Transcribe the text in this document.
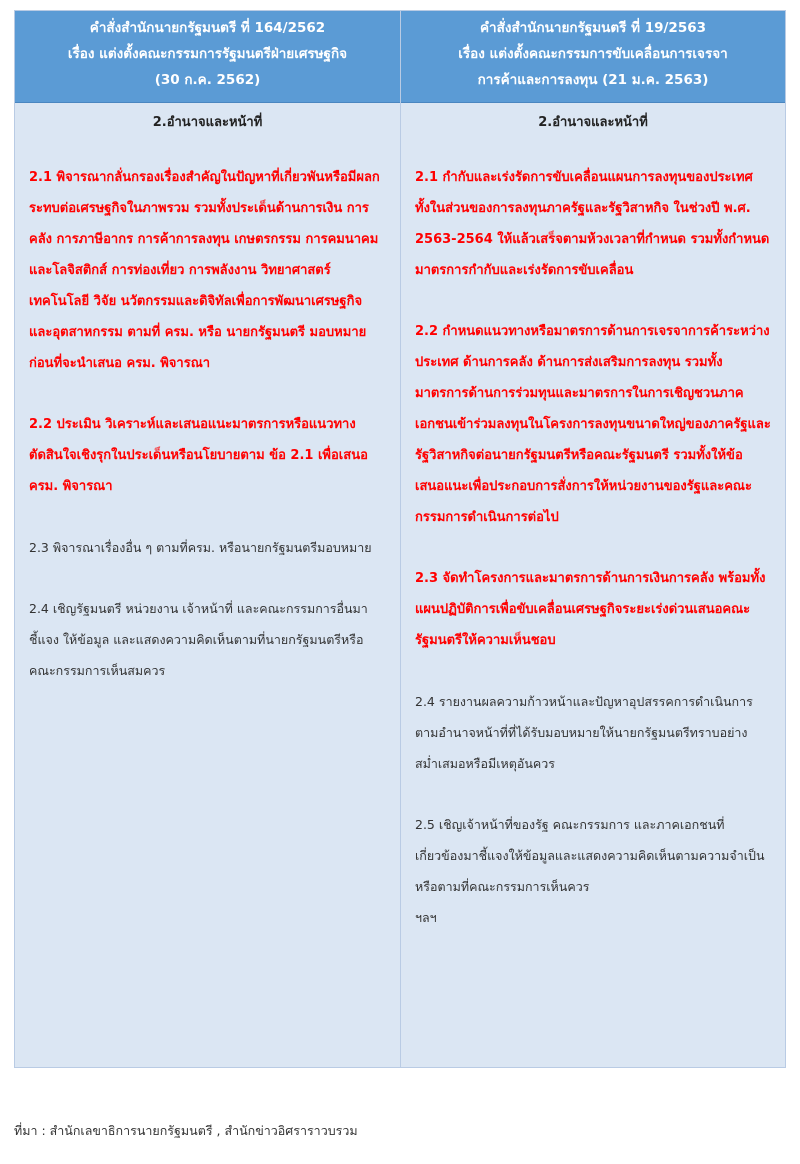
คำสั่งสำนักนายกรัฐมนตรี ที่ 164/2562
เรื่อง แต่งตั้งคณะกรรมการรัฐมนตรีฝ่ายเศรษฐกิจ
(30 ก.ค. 2562)
2.อำนาจและหน้าที่

2.1 พิจารณากลั่นกรองเรื่องสำคัญในปัญหาที่เกี่ยวพันหรือมีผลกระทบต่อเศรษฐกิจในภาพรวม รวมทั้งประเด็นด้านการเงิน การคลัง การภาษีอากร การค้าการลงทุน เกษตรกรรม การคมนาคมและโลจิสติกส์ การท่องเที่ยว การพลังงาน วิทยาศาสตร์ เทคโนโลยี วิจัย นวัตกรรมและดิจิทัลเพื่อการพัฒนาเศรษฐกิจ และอุตสาหกรรม ตามที่ ครม. หรือ นายกรัฐมนตรี มอบหมาย ก่อนที่จะนำเสนอ ครม. พิจารณา

2.2 ประเมิน วิเคราะห์และเสนอแนะมาตรการหรือแนวทางตัดสินใจเชิงรุกในประเด็นหรือนโยบายตาม ข้อ 2.1 เพื่อเสนอ ครม. พิจารณา

2.3 พิจารณาเรื่องอื่น ๆ ตามที่ครม. หรือนายกรัฐมนตรีมอบหมาย

2.4 เชิญรัฐมนตรี หน่วยงาน เจ้าหน้าที่ และคณะกรรมการอื่นมาชี้แจง ให้ข้อมูล และแสดงความคิดเห็นตามที่นายกรัฐมนตรีหรือคณะกรรมการเห็นสมควร

คำสั่งสำนักนายกรัฐมนตรี ที่ 19/2563
เรื่อง แต่งตั้งคณะกรรมการขับเคลื่อนการเจรจา
การค้าและการลงทุน (21 ม.ค. 2563)
2.อำนาจและหน้าที่

2.1 กำกับและเร่งรัดการขับเคลื่อนแผนการลงทุนของประเทศ ทั้งในส่วนของการลงทุนภาครัฐและรัฐวิสาหกิจ ในช่วงปี พ.ศ. 2563-2564 ให้แล้วเสร็จตามห้วงเวลาที่กำหนด รวมทั้งกำหนดมาตรการกำกับและเร่งรัดการขับเคลื่อน

2.2 กำหนดแนวทางหรือมาตรการด้านการเจรจาการค้าระหว่างประเทศ ด้านการคลัง ด้านการส่งเสริมการลงทุน รวมทั้งมาตรการด้านการร่วมทุนและมาตรการในการเชิญชวนภาคเอกชนเข้าร่วมลงทุนในโครงการลงทุนขนาดใหญ่ของภาครัฐและรัฐวิสาหกิจต่อนายกรัฐมนตรีหรือคณะรัฐมนตรี รวมทั้งให้ข้อเสนอแนะเพื่อประกอบการสั่งการให้หน่วยงานของรัฐและคณะกรรมการดำเนินการต่อไป

2.3 จัดทำโครงการและมาตรการด้านการเงินการคลัง พร้อมทั้งแผนปฏิบัติการเพื่อขับเคลื่อนเศรษฐกิจระยะเร่งด่วนเสนอคณะรัฐมนตรีให้ความเห็นชอบ

2.4 รายงานผลความก้าวหน้าและปัญหาอุปสรรคการดำเนินการตามอำนาจหน้าที่ที่ได้รับมอบหมายให้นายกรัฐมนตรีทราบอย่างสม่ำเสมอหรือมีเหตุอันควร

2.5 เชิญเจ้าหน้าที่ของรัฐ คณะกรรมการ และภาคเอกชนที่เกี่ยวข้องมาชี้แจงให้ข้อมูลและแสดงความคิดเห็นตามความจำเป็นหรือตามที่คณะกรรมการเห็นควร

ฯลฯ

ที่มา : สำนักเลขาธิการนายกรัฐมนตรี , สำนักข่าวอิศราราวบรวม
